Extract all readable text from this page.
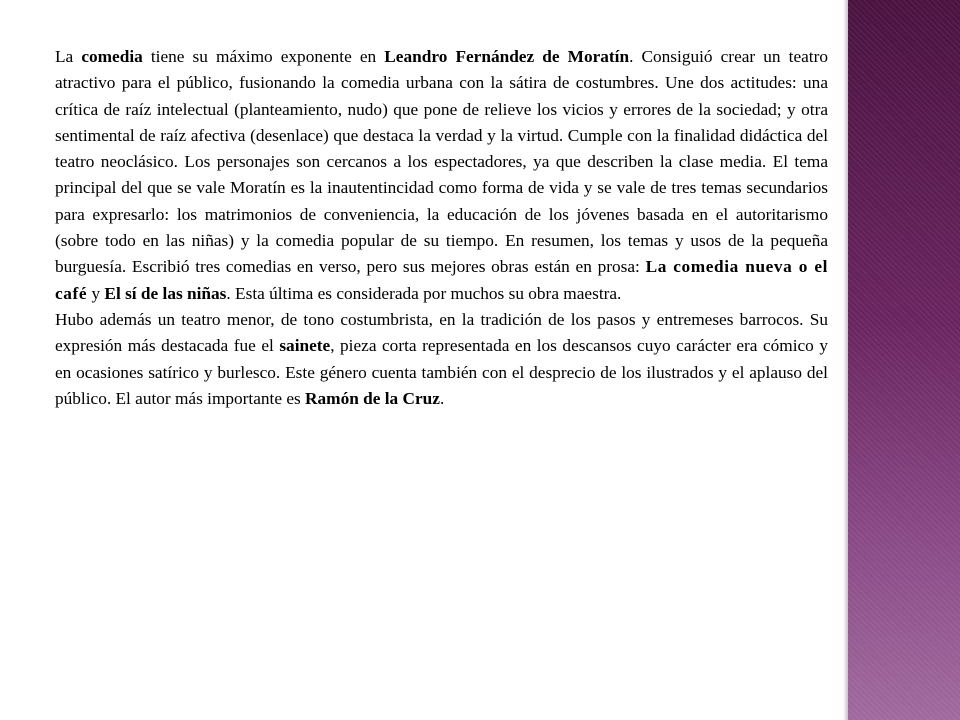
La comedia tiene su máximo exponente en Leandro Fernández de Moratín. Consiguió crear un teatro atractivo para el público, fusionando la comedia urbana con la sátira de costumbres. Une dos actitudes: una crítica de raíz intelectual (planteamiento, nudo) que pone de relieve los vicios y errores de la sociedad; y otra sentimental de raíz afectiva (desenlace) que destaca la verdad y la virtud. Cumple con la finalidad didáctica del teatro neoclásico. Los personajes son cercanos a los espectadores, ya que describen la clase media. El tema principal del que se vale Moratín es la inautentincidad como forma de vida y se vale de tres temas secundarios para expresarlo: los matrimonios de conveniencia, la educación de los jóvenes basada en el autoritarismo (sobre todo en las niñas) y la comedia popular de su tiempo. En resumen, los temas y usos de la pequeña burguesía. Escribió tres comedias en verso, pero sus mejores obras están en prosa: La comedia nueva o el café y El sí de las niñas. Esta última es considerada por muchos su obra maestra.

Hubo además un teatro menor, de tono costumbrista, en la tradición de los pasos y entremeses barrocos. Su expresión más destacada fue el sainete, pieza corta representada en los descansos cuyo carácter era cómico y en ocasiones satírico y burlesco. Este género cuenta también con el desprecio de los ilustrados y el aplauso del público. El autor más importante es Ramón de la Cruz.
